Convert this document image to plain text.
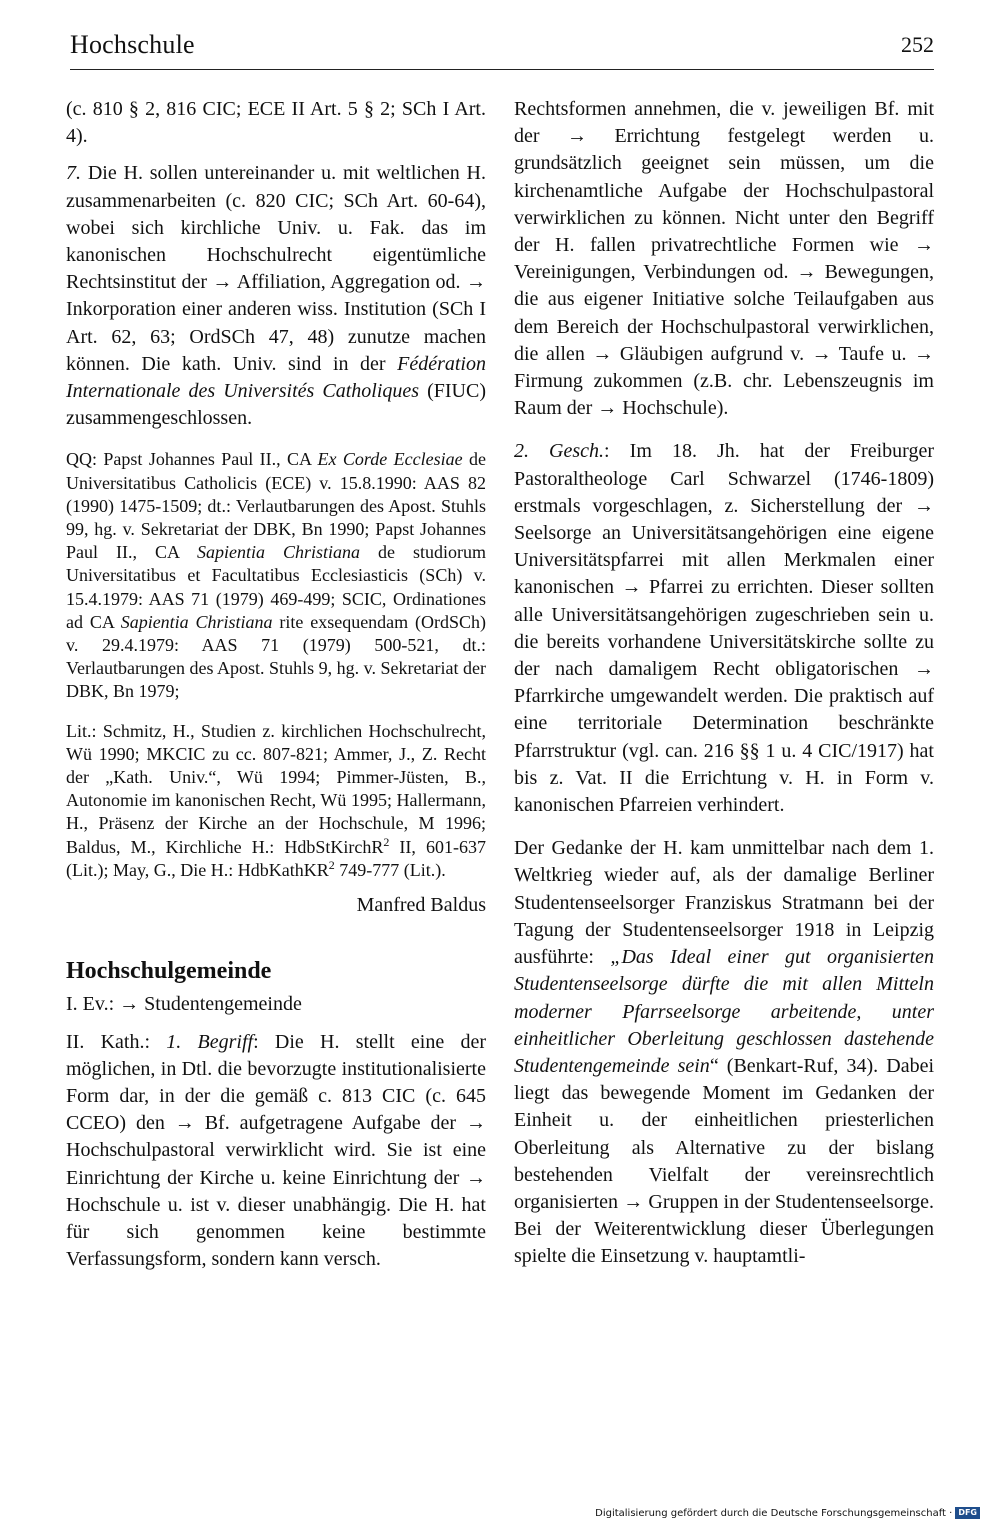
Hochschule	252

(c. 810 § 2, 816 CIC; ECE II Art. 5 § 2; SCh I Art. 4).

7. Die H. sollen untereinander u. mit weltlichen H. zusammenarbeiten (c. 820 CIC; SCh Art. 60-64), wobei sich kirchliche Univ. u. Fak. das im kanonischen Hochschulrecht eigentümliche Rechtsinstitut der → Affiliation, Aggregation od. → Inkorporation einer anderen wiss. Institution (SCh I Art. 62, 63; OrdSCh 47, 48) zunutze machen können. Die kath. Univ. sind in der Fédération Internationale des Universités Catholiques (FIUC) zusammengeschlossen.

QQ: Papst Johannes Paul II., CA Ex Corde Ecclesiae de Universitatibus Catholicis (ECE) v. 15.8.1990: AAS 82 (1990) 1475-1509; dt.: Verlautbarungen des Apost. Stuhls 99, hg. v. Sekretariat der DBK, Bn 1990; Papst Johannes Paul II., CA Sapientia Christiana de studiorum Universitatibus et Facultatibus Ecclesiasticis (SCh) v. 15.4.1979: AAS 71 (1979) 469-499; SCIC, Ordinationes ad CA Sapientia Christiana rite exsequendam (OrdSCh) v. 29.4.1979: AAS 71 (1979) 500-521, dt.: Verlautbarungen des Apost. Stuhls 9, hg. v. Sekretariat der DBK, Bn 1979;

Lit.: Schmitz, H., Studien z. kirchlichen Hochschulrecht, Wü 1990; MKCIC zu cc. 807-821; Ammer, J., Z. Recht der „Kath. Univ.“, Wü 1994; Pimmer-Jüsten, B., Autonomie im kanonischen Recht, Wü 1995; Hallermann, H., Präsenz der Kirche an der Hochschule, M 1996; Baldus, M., Kirchliche H.: HdbStKirchR$^2$ II, 601-637 (Lit.); May, G., Die H.: HdbKathKR$^2$ 749-777 (Lit.).

Manfred Baldus

Hochschulgemeinde

I. Ev.: → Studentengemeinde

II. Kath.: 1. Begriff: Die H. stellt eine der möglichen, in Dtl. die bevorzugte institutionalisierte Form dar, in der die gemäß c. 813 CIC (c. 645 CCEO) den → Bf. aufgetragene Aufgabe der → Hochschulpastoral verwirklicht wird. Sie ist eine Einrichtung der Kirche u. keine Einrichtung der → Hochschule u. ist v. dieser unabhängig. Die H. hat für sich genommen keine bestimmte Verfassungsform, sondern kann versch.

Rechtsformen annehmen, die v. jeweiligen Bf. mit der → Errichtung festgelegt werden u. grundsätzlich geeignet sein müssen, um die kirchenamtliche Aufgabe der Hochschulpastoral verwirklichen zu können. Nicht unter den Begriff der H. fallen privatrechtliche Formen wie → Vereinigungen, Verbindungen od. → Bewegungen, die aus eigener Initiative solche Teilaufgaben aus dem Bereich der Hochschulpastoral verwirklichen, die allen → Gläubigen aufgrund v. → Taufe u. → Firmung zukommen (z.B. chr. Lebenszeugnis im Raum der → Hochschule).

2. Gesch.: Im 18. Jh. hat der Freiburger Pastoraltheologe Carl Schwarzel (1746-1809) erstmals vorgeschlagen, z. Sicherstellung der → Seelsorge an Universitätsangehörigen eine eigene Universitätspfarrei mit allen Merkmalen einer kanonischen → Pfarrei zu errichten. Dieser sollten alle Universitätsangehörigen zugeschrieben sein u. die bereits vorhandene Universitätskirche sollte zu der nach damaligem Recht obligatorischen → Pfarrkirche umgewandelt werden. Die praktisch auf eine territoriale Determination beschränkte Pfarrstruktur (vgl. can. 216 §§ 1 u. 4 CIC/1917) hat bis z. Vat. II die Errichtung v. H. in Form v. kanonischen Pfarreien verhindert.

Der Gedanke der H. kam unmittelbar nach dem 1. Weltkrieg wieder auf, als der damalige Berliner Studentenseelsorger Franziskus Stratmann bei der Tagung der Studentenseelsorger 1918 in Leipzig ausführte: „Das Ideal einer gut organisierten Studentenseelsorge dürfte die mit allen Mitteln moderner Pfarrseelsorge arbeitende, unter einheitlicher Oberleitung geschlossen dastehende Studentengemeinde sein“ (Benkart-Ruf, 34). Dabei liegt das bewegende Moment im Gedanken der Einheit u. der einheitlichen priesterlichen Oberleitung als Alternative zu der bislang bestehenden Vielfalt der vereinsrechtlich organisierten → Gruppen in der Studentenseelsorge. Bei der Weiterentwicklung dieser Überlegungen spielte die Einsetzung v. hauptamtli-

Digitalisierung gefördert durch die Deutsche Forschungsgemeinschaft · DFG
